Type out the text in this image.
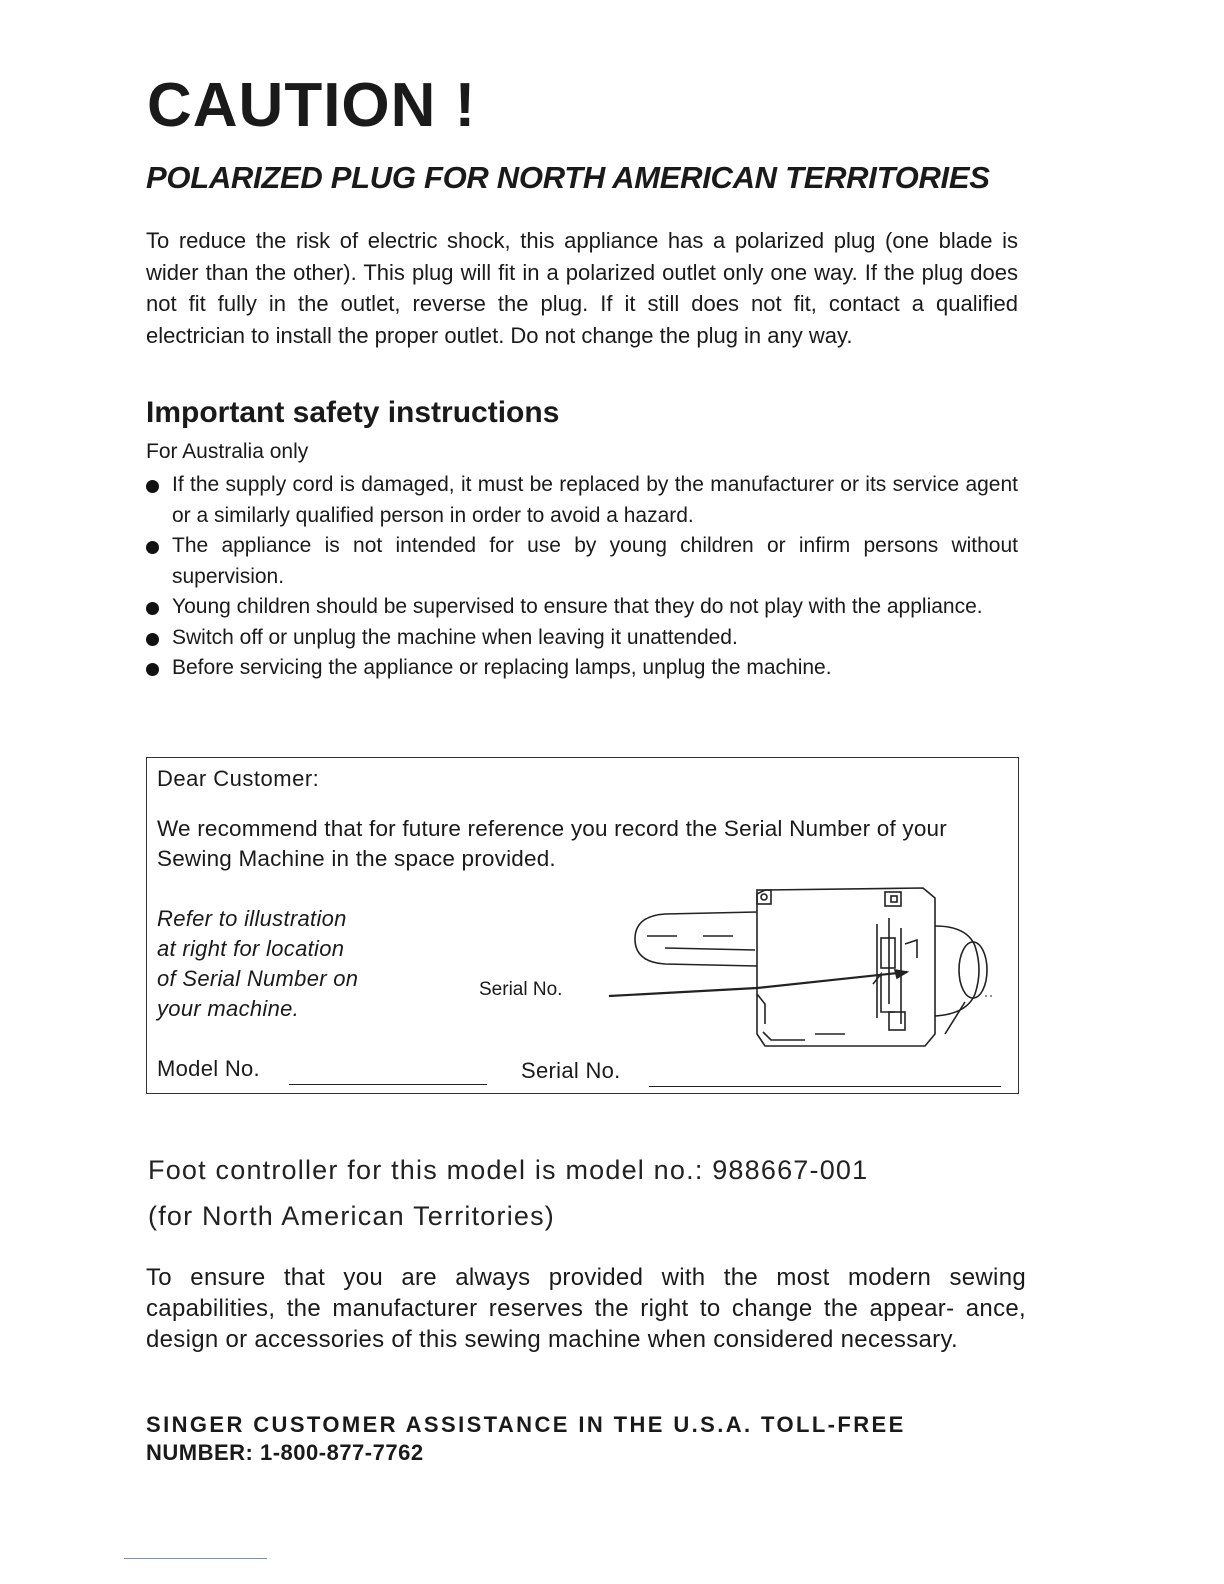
CAUTION !
POLARIZED PLUG FOR NORTH AMERICAN TERRITORIES

To reduce the risk of electric shock, this appliance has a polarized plug (one blade is wider than the other). This plug will fit in a polarized outlet only one way. If the plug does not fit fully in the outlet, reverse the plug. If it still does not fit, contact a qualified electrician to install the proper outlet. Do not change the plug in any way.

Important safety instructions

For Australia only

If the supply cord is damaged, it must be replaced by the manufacturer or its service agent or a similarly qualified person in order to avoid a hazard.
The appliance is not intended for use by young children or infirm persons without supervision.
Young children should be supervised to ensure that they do not play with the appliance.
Switch off or unplug the machine when leaving it unattended.
Before servicing the appliance or replacing lamps, unplug the machine.
Dear Customer:
We recommend that for future reference you record the Serial Number of your Sewing Machine in the space provided.
Refer to illustration
at right for location
of Serial Number on
your machine.
Serial No.
Model No.	Serial No.

Foot controller for this model is model no.: 988667-001

(for North American Territories)

To ensure that you are always provided with the most modern sewing capabilities, the manufacturer reserves the right to change the appear- ance, design or accessories of this sewing machine when considered necessary.

SINGER CUSTOMER ASSISTANCE IN THE U.S.A. TOLL-FREE

NUMBER: 1-800-877-7762
